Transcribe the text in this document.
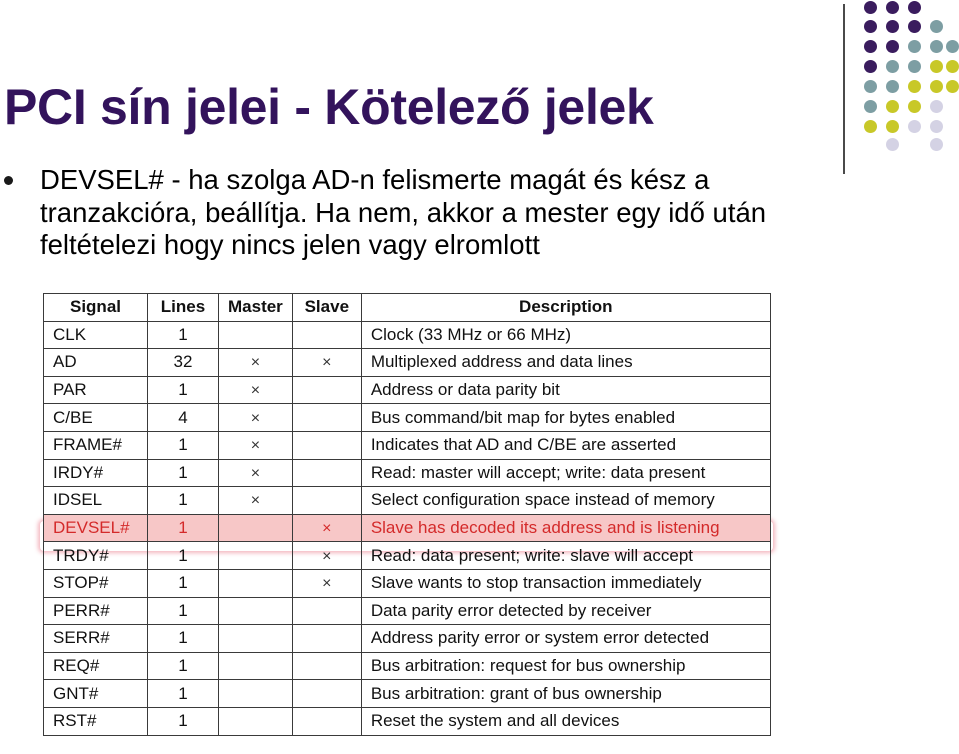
PCI sín jelei - Kötelező jelek

DEVSEL# - ha szolga AD-n felismerte magát és kész a tranzakcióra, beállítja. Ha nem, akkor a mester egy idő után feltételezi hogy nincs jelen vagy elromlott

Signal	Lines	Master	Slave	Description
CLK	1			Clock (33 MHz or 66 MHz)
AD	32	×	×	Multiplexed address and data lines
PAR	1	×		Address or data parity bit
C/BE	4	×		Bus command/bit map for bytes enabled
FRAME#	1	×		Indicates that AD and C/BE are asserted
IRDY#	1	×		Read: master will accept; write: data present
IDSEL	1	×		Select configuration space instead of memory
DEVSEL#	1		×	Slave has decoded its address and is listening
TRDY#	1		×	Read: data present; write: slave will accept
STOP#	1		×	Slave wants to stop transaction immediately
PERR#	1			Data parity error detected by receiver
SERR#	1			Address parity error or system error detected
REQ#	1			Bus arbitration: request for bus ownership
GNT#	1			Bus arbitration: grant of bus ownership
RST#	1			Reset the system and all devices
